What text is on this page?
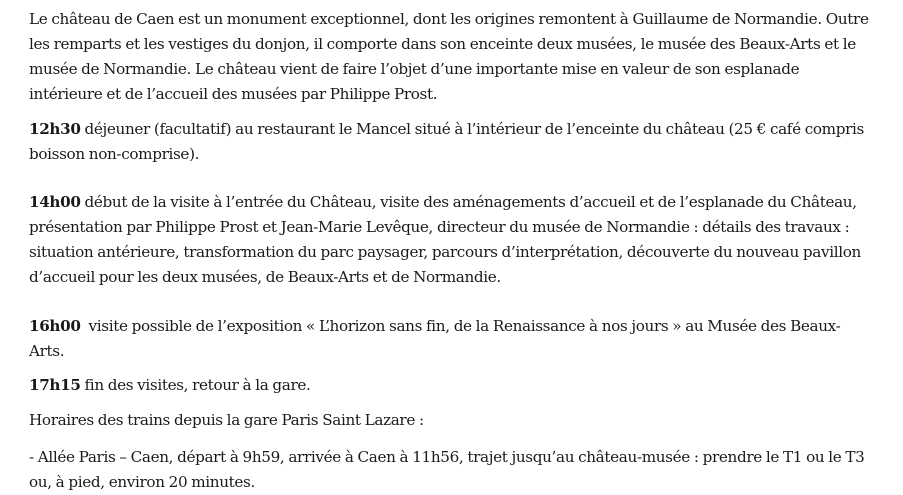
Le château de Caen est un monument exceptionnel, dont les origines remontent à Guillaume de Normandie. Outre les remparts et les vestiges du donjon, il comporte dans son enceinte deux musées, le musée des Beaux-Arts et le musée de Normandie. Le château vient de faire l’objet d’une importante mise en valeur de son esplanade intérieure et de l’accueil des musées par Philippe Prost.

12h30 déjeuner (facultatif) au restaurant le Mancel situé à l’intérieur de l’enceinte du château (25 € café compris boisson non-comprise).

14h00 début de la visite à l’entrée du Château, visite des aménagements d’accueil et de l’esplanade du Château, présentation par Philippe Prost et Jean-Marie Levêque, directeur du musée de Normandie : détails des travaux : situation antérieure, transformation du parc paysager, parcours d’interprétation, découverte du nouveau pavillon d’accueil pour les deux musées, de Beaux-Arts et de Normandie.

16h00  visite possible de l’exposition « L’horizon sans fin, de la Renaissance à nos jours » au Musée des Beaux-Arts.

17h15 fin des visites, retour à la gare.

Horaires des trains depuis la gare Paris Saint Lazare :

- Allée Paris – Caen, départ à 9h59, arrivée à Caen à 11h56, trajet jusqu’au château-musée : prendre le T1 ou le T3 ou, à pied, environ 20 minutes.
